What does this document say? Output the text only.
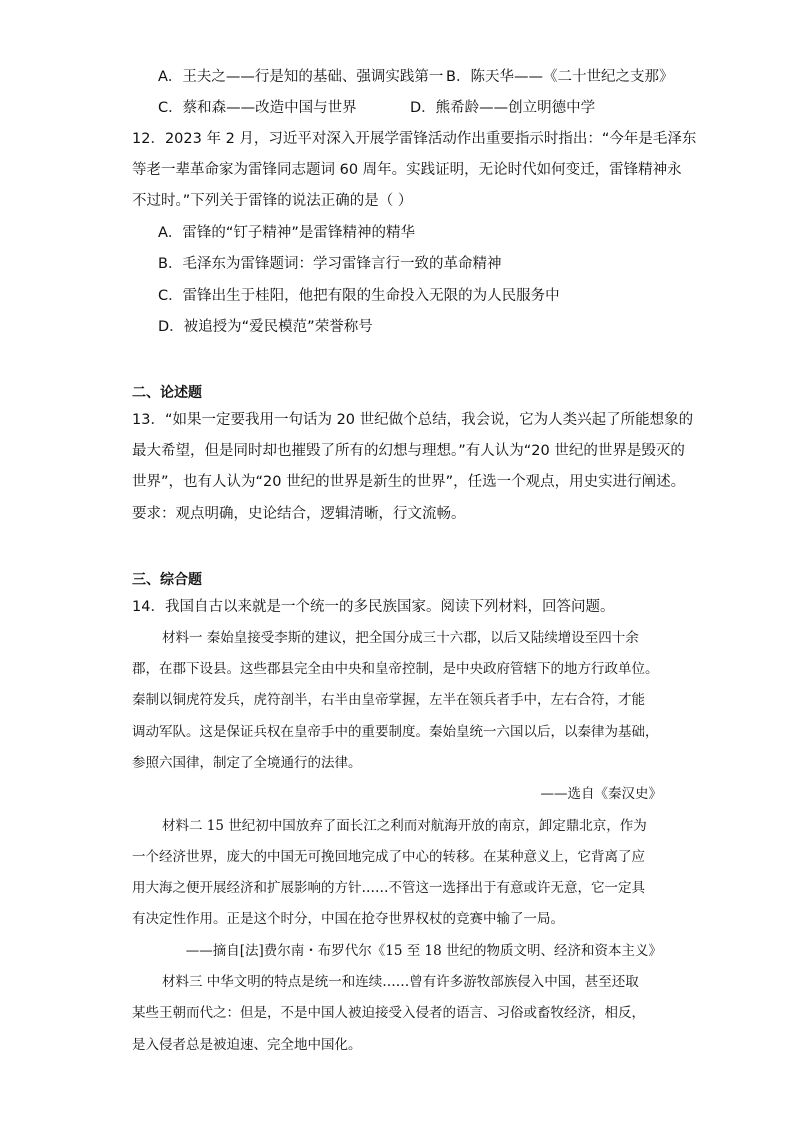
A．王夫之——行是知的基础、强调实践第一 B．陈天华——《二十世纪之支那》
C．蔡和森——改造中国与世界	D．熊希龄——创立明德中学
12．2023 年 2 月，习近平对深入开展学雷锋活动作出重要指示时指出：“今年是毛泽东
等老一辈革命家为雷锋同志题词 60 周年。实践证明，无论时代如何变迁，雷锋精神永
不过时。”下列关于雷锋的说法正确的是（ ）
A．雷锋的“钉子精神”是雷锋精神的精华
B．毛泽东为雷锋题词：学习雷锋言行一致的革命精神
C．雷锋出生于桂阳，他把有限的生命投入无限的为人民服务中
D．被追授为“爱民模范”荣誉称号
二、论述题
13．“如果一定要我用一句话为 20 世纪做个总结，我会说，它为人类兴起了所能想象的
最大希望，但是同时却也摧毁了所有的幻想与理想。”有人认为“20 世纪的世界是毁灭的
世界”，也有人认为“20 世纪的世界是新生的世界”，任选一个观点，用史实进行阐述。
要求：观点明确，史论结合，逻辑清晰，行文流畅。
三、综合题
14．我国自古以来就是一个统一的多民族国家。阅读下列材料，回答问题。
材料一 秦始皇接受李斯的建议，把全国分成三十六郡，以后又陆续增设至四十余
郡，在郡下设县。这些郡县完全由中央和皇帝控制，是中央政府管辖下的地方行政单位。
秦制以铜虎符发兵，虎符剖半，右半由皇帝掌握，左半在领兵者手中，左右合符，才能
调动军队。这是保证兵权在皇帝手中的重要制度。秦始皇统一六国以后，以秦律为基础，
参照六国律，制定了全境通行的法律。
——选自《秦汉史》
材料二 15 世纪初中国放弃了面长江之利而对航海开放的南京，卸定鼎北京，作为
一个经济世界，庞大的中国无可挽回地完成了中心的转移。在某种意义上，它背离了应
用大海之便开展经济和扩展影响的方针……不管这一选择出于有意或许无意，它一定具
有决定性作用。正是这个时分，中国在抢夺世界权杖的竞赛中输了一局。
——摘自[法]费尔南・布罗代尔《15 至 18 世纪的物质文明、经济和资本主义》
材料三 中华文明的特点是统一和连续……曾有许多游牧部族侵入中国，甚至还取
某些王朝而代之：但是，不是中国人被迫接受入侵者的语言、习俗或畜牧经济，相反，
是入侵者总是被迫速、完全地中国化。
